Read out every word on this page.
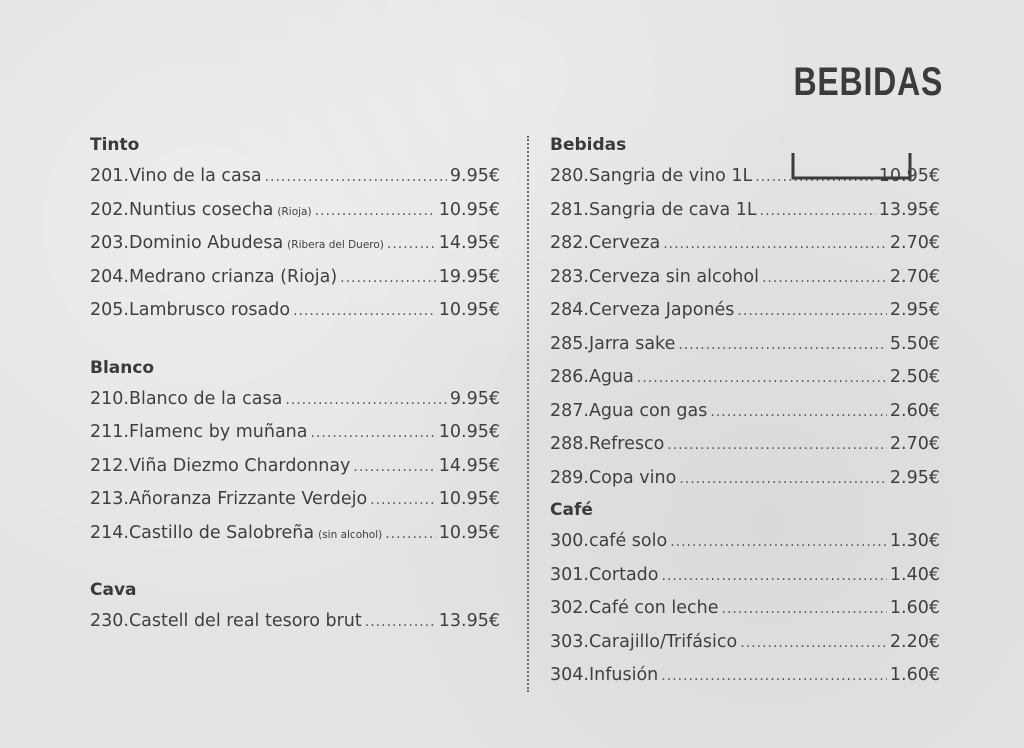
BEBIDAS
Tinto
201.Vino de la casa .....	9.95€
202.Nuntius cosecha (Rioja) .....	10.95€
203.Dominio Abudesa (Ribera del Duero) .....	14.95€
204.Medrano crianza (Rioja) .....	19.95€
205.Lambrusco rosado .....	10.95€
Blanco
210.Blanco de la casa .....	9.95€
211.Flamenc by muñana .....	10.95€
212.Viña Diezmo Chardonnay .....	14.95€
213.Añoranza Frizzante Verdejo .....	10.95€
214.Castillo de Salobreña (sin alcohol) .....	10.95€
Cava
230.Castell del real tesoro brut .....	13.95€
Bebidas
280.Sangria de vino 1L .....	10.95€
281.Sangria de cava 1L .....	13.95€
282.Cerveza .....	2.70€
283.Cerveza sin alcohol .....	2.70€
284.Cerveza Japonés .....	2.95€
285.Jarra sake .....	5.50€
286.Agua .....	2.50€
287.Agua con gas .....	2.60€
288.Refresco .....	2.70€
289.Copa vino .....	2.95€
Café
300.café solo .....	1.30€
301.Cortado .....	1.40€
302.Café con leche .....	1.60€
303.Carajillo/Trifásico .....	2.20€
304.Infusión .....	1.60€
